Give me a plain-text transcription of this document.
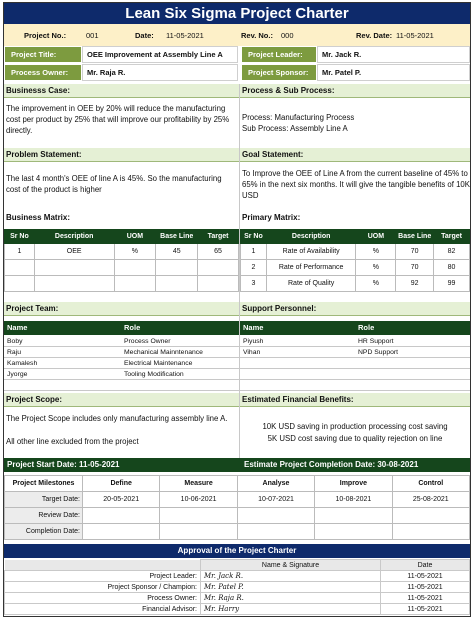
Lean Six Sigma Project Charter
Project No.:	001	Date: 11-05-2021	Rev. No.: 000	Rev. Date: 11-05-2021
Project Title:	OEE Improvement at Assembly Line A	Project Leader:	Mr. Jack R.
Process Owner:	Mr. Raja R.	Project Sponsor:	Mr. Patel P.
Businesss Case:	Process & Sub Process:
The improvement in OEE by 20% will reduce the manufacturing cost per product by 25% that will improve our profitability by 25% directly.
Process: Manufacturing Process
Sub Process: Assembly Line A
Problem Statement:	Goal Statement:
The last 4 month's OEE of line A is 45%. So the manufacturing cost of the product is higher
To Improve the OEE of Line A from the current baseline of 45% to 65% in the next six months. It will give the tangible benefits of 10K USD
Business Matrix:	Primary Matrix:
Sr No	Description	UOM	Base Line	Target
1	OEE	%	45	65

Sr No	Description	UOM	Base Line	Target
1	Rate of Availability	%	70	82
2	Rate of Performance	%	70	80
3	Rate of Quality	%	92	99
Project Team:	Support Personnel:
Name	Role	Name	Role
Boby	Process Owner
Raju	Mechanical Mainntenance
Kamalesh	Electrical Maintenance
Jyorge	Tooling Modification
Piyush	HR Support
Vihan	NPD Support
Project Scope:	Estimated Financial Benefits:
The Project Scope includes only manufacturing assembly line A.
All other line excluded from the project
10K USD saving in production processing cost saving
5K USD cost saving due to quality rejection on line
Project Start Date: 11-05-2021	Estimate Project Completion Date: 30-08-2021
Project Milestones	Define	Measure	Analyse	Improve	Control
Target Date:	20-05-2021	10-06-2021	10-07-2021	10-08-2021	25-08-2021
Review Date:					
Completion Date:					
Approval of the Project Charter
	Name & Signature	Date
Project Leader:	Mr. Jack R.	11-05-2021
Project Sponsor / Champion:	Mr. Patel P.	11-05-2021
Process Owner:	Mr. Raja R.	11-05-2021
Financial Advisor:	Mr. Harry	11-05-2021
